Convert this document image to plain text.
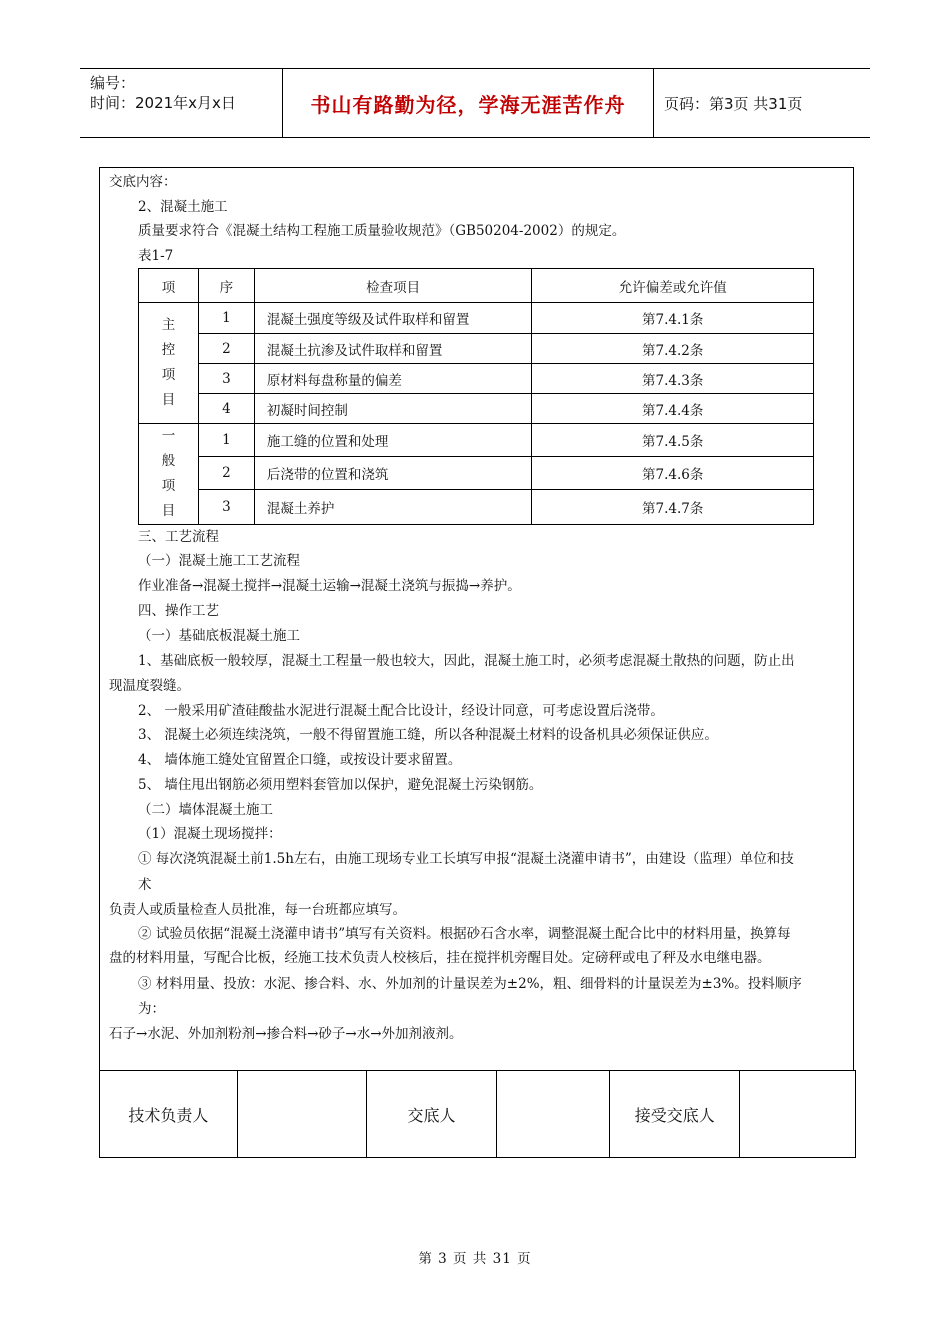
编号：
时间：2021年x月x日	书山有路勤为径，学海无涯苦作舟	页码：第3页 共31页
交底内容：
2、混凝土施工
质量要求符合《混凝土结构工程施工质量验收规范》（GB50204-2002）的规定。
表1-7
项	序	检查项目	允许偏差或允许值

主
控
项
目	1	混凝土强度等级及试件取样和留置	第7.4.1条
	2	混凝土抗渗及试件取样和留置	第7.4.2条
	3	原材料每盘称量的偏差	第7.4.3条
	4	初凝时间控制	第7.4.4条

一
般
项
目	1	施工缝的位置和处理	第7.4.5条
	2	后浇带的位置和浇筑	第7.4.6条
	3	混凝土养护	第7.4.7条
三、工艺流程
（一）混凝土施工工艺流程
作业准备→混凝土搅拌→混凝土运输→混凝土浇筑与振捣→养护。
四、操作工艺
（一）基础底板混凝土施工
1、基础底板一般较厚，混凝土工程量一般也较大，因此，混凝土施工时，必须考虑混凝土散热的问题，防止出
现温度裂缝。
2、 一般采用矿渣硅酸盐水泥进行混凝土配合比设计，经设计同意，可考虑设置后浇带。
3、 混凝土必须连续浇筑，一般不得留置施工缝，所以各种混凝土材料的设备机具必须保证供应。
4、 墙体施工缝处宜留置企口缝，或按设计要求留置。
5、 墙住甩出钢筋必须用塑料套管加以保护，避免混凝土污染钢筋。
（二）墙体混凝土施工
（1）混凝土现场搅拌：
① 每次浇筑混凝土前1.5h左右，由施工现场专业工长填写申报“混凝土浇灌申请书”，由建设（监理）单位和技
术
负责人或质量检查人员批准，每一台班都应填写。
② 试验员依据“混凝土浇灌申请书”填写有关资料。根据砂石含水率，调整混凝土配合比中的材料用量，换算每
盘的材料用量，写配合比板，经施工技术负责人校核后，挂在搅拌机旁醒目处。定磅秤或电了秤及水电继电器。
③ 材料用量、投放：水泥、掺合料、水、外加剂的计量误差为±2%，粗、细骨料的计量误差为±3%。投料顺序
为：
石子→水泥、外加剂粉剂→掺合料→砂子→水→外加剂液剂。
技术负责人		交底人		接受交底人	
第 3 页 共 31 页
